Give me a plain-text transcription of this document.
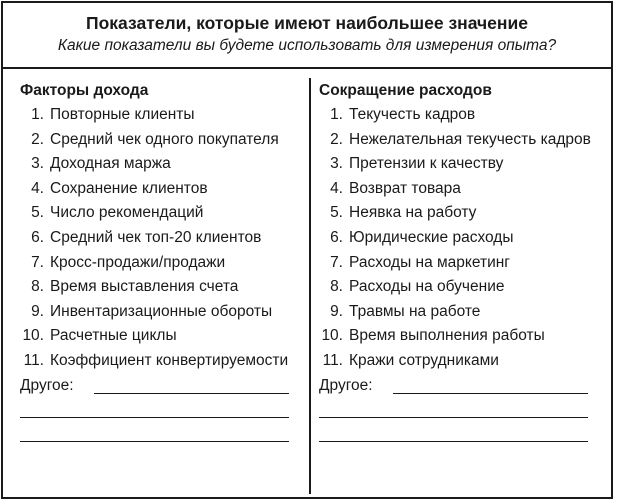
Показатели, которые имеют наибольшее значение
Какие показатели вы будете использовать для измерения опыта?
Факторы дохода
1. Повторные клиенты
2. Средний чек одного покупателя
3. Доходная маржа
4. Сохранение клиентов
5. Число рекомендаций
6. Средний чек топ-20 клиентов
7. Кросс-продажи/продажи
8. Время выставления счета
9. Инвентаризационные обороты
10. Расчетные циклы
11. Коэффициент конвертируемости
Другое:
Сокращение расходов
1. Текучесть кадров
2. Нежелательная текучесть кадров
3. Претензии к качеству
4. Возврат товара
5. Неявка на работу
6. Юридические расходы
7. Расходы на маркетинг
8. Расходы на обучение
9. Травмы на работе
10. Время выполнения работы
11. Кражи сотрудниками
Другое:
